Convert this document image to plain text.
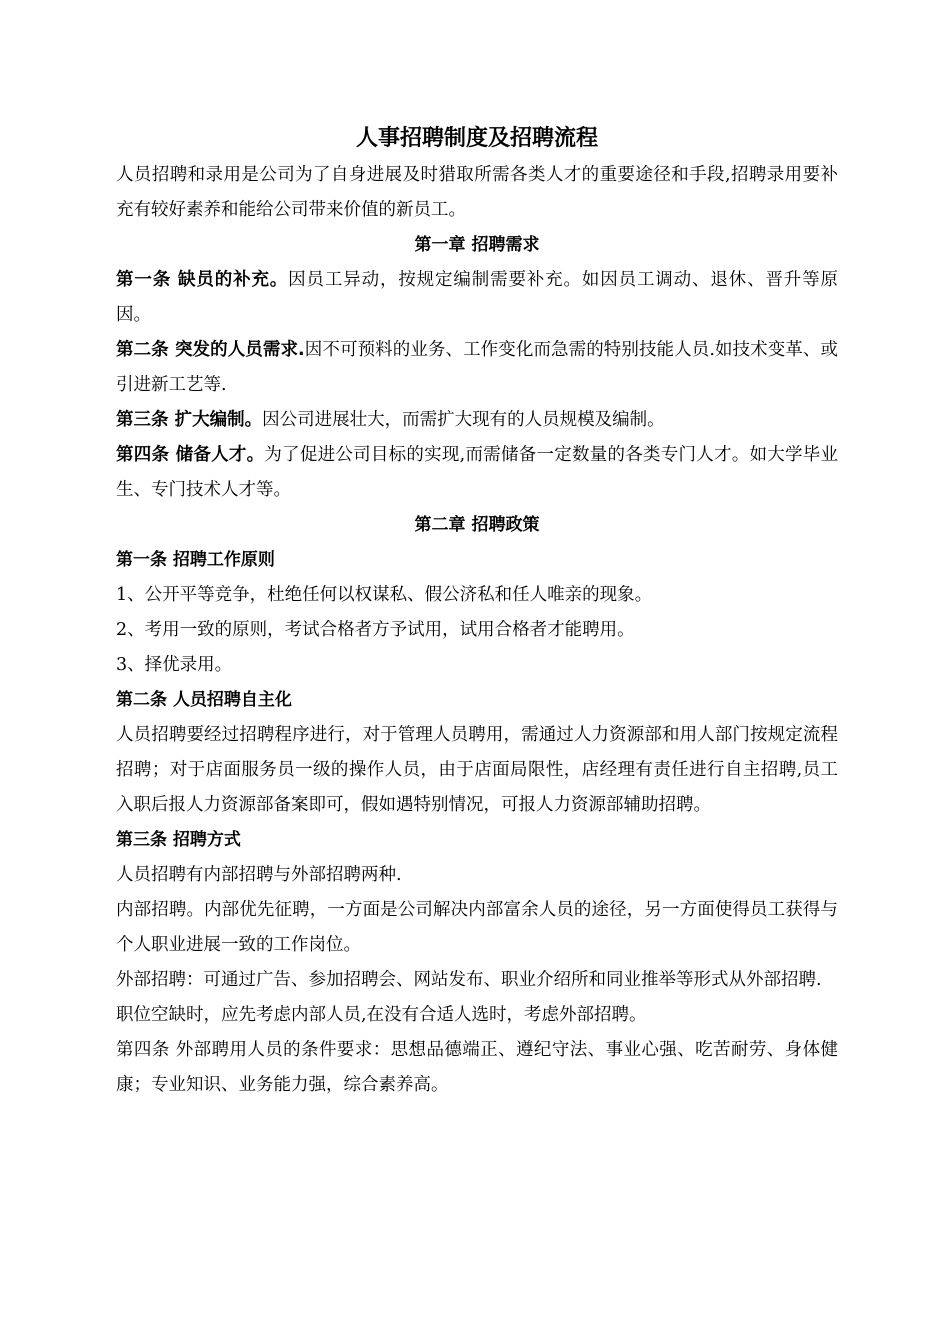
人事招聘制度及招聘流程

人员招聘和录用是公司为了自身进展及时猎取所需各类人才的重要途径和手段,招聘录用要补充有较好素养和能给公司带来价值的新员工。

第一章 招聘需求

第一条 缺员的补充。因员工异动，按规定编制需要补充。如因员工调动、退休、晋升等原因。

第二条 突发的人员需求.因不可预料的业务、工作变化而急需的特别技能人员.如技术变革、或引进新工艺等.

第三条 扩大编制。因公司进展壮大，而需扩大现有的人员规模及编制。

第四条 储备人才。为了促进公司目标的实现,而需储备一定数量的各类专门人才。如大学毕业生、专门技术人才等。

第二章 招聘政策

第一条 招聘工作原则

1、公开平等竞争，杜绝任何以权谋私、假公济私和任人唯亲的现象。

2、考用一致的原则，考试合格者方予试用，试用合格者才能聘用。

3、择优录用。

第二条 人员招聘自主化

人员招聘要经过招聘程序进行，对于管理人员聘用，需通过人力资源部和用人部门按规定流程招聘；对于店面服务员一级的操作人员，由于店面局限性，店经理有责任进行自主招聘,员工入职后报人力资源部备案即可，假如遇特别情况，可报人力资源部辅助招聘。

第三条 招聘方式

人员招聘有内部招聘与外部招聘两种.

内部招聘。内部优先征聘，一方面是公司解决内部富余人员的途径，另一方面使得员工获得与个人职业进展一致的工作岗位。

外部招聘：可通过广告、参加招聘会、网站发布、职业介绍所和同业推举等形式从外部招聘.

职位空缺时，应先考虑内部人员,在没有合适人选时，考虑外部招聘。

第四条 外部聘用人员的条件要求：思想品德端正、遵纪守法、事业心强、吃苦耐劳、身体健康；专业知识、业务能力强，综合素养高。
